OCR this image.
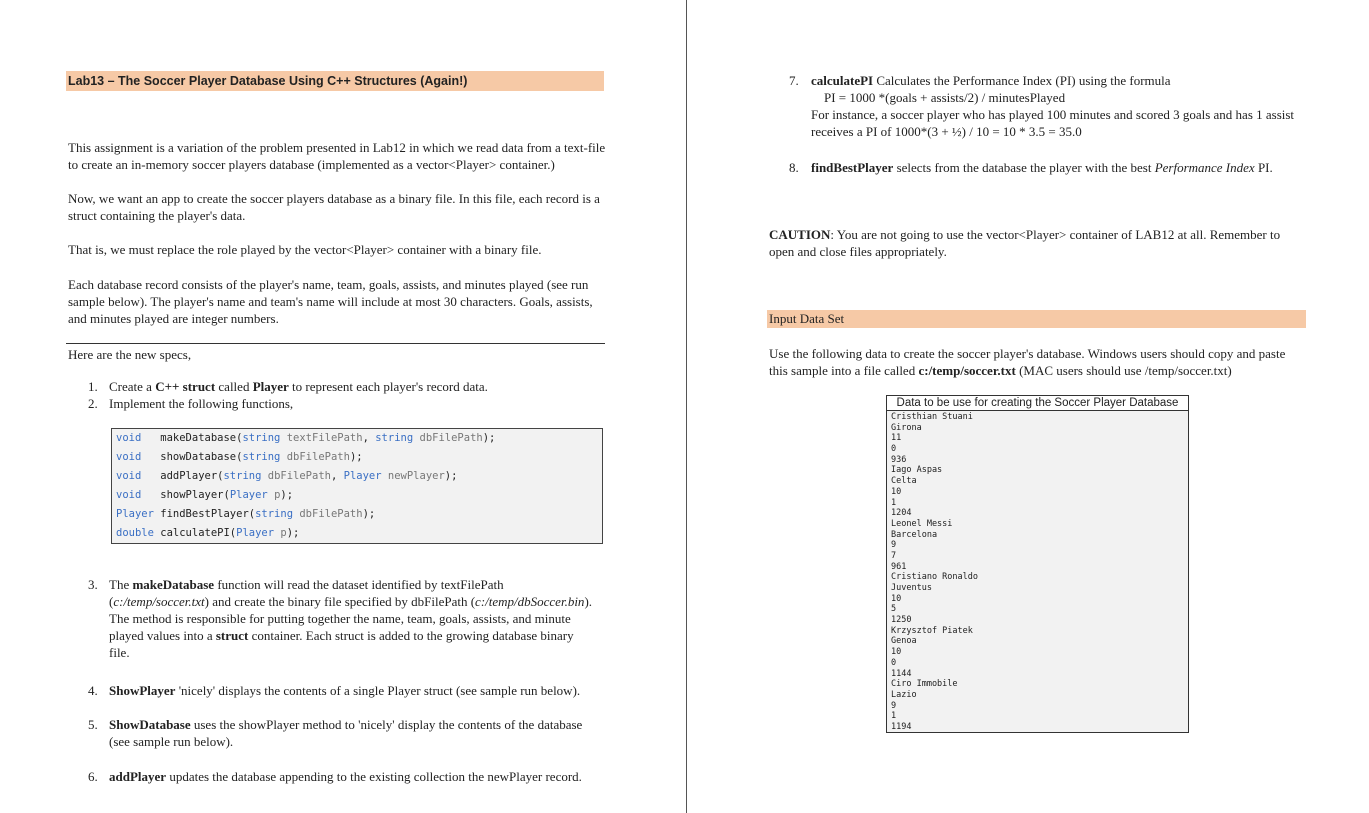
Lab13 – The Soccer Player Database Using C++ Structures (Again!)
This assignment is a variation of the problem presented in Lab12 in which we read data from a text-file to create an in-memory soccer players database (implemented as a vector<Player> container.)
Now, we want an app to create the soccer players database as a binary file. In this file, each record is a struct containing the player's data.
That is, we must replace the role played by the vector<Player> container with a binary file.
Each database record consists of the player's name, team, goals, assists, and minutes played (see run sample below). The player's name and team's name will include at most 30 characters. Goals, assists, and minutes played are integer numbers.
Here are the new specs,
1. Create a C++ struct called Player to represent each player's record data.
2. Implement the following functions,
void makeDatabase(string textFilePath, string dbFilePath);
void showDatabase(string dbFilePath);
void addPlayer(string dbFilePath, Player newPlayer);
void showPlayer(Player p);
Player findBestPlayer(string dbFilePath);
double calculatePI(Player p);
3. The makeDatabase function will read the dataset identified by textFilePath
(c:/temp/soccer.txt) and create the binary file specified by dbFilePath (c:/temp/dbSoccer.bin).
The method is responsible for putting together the name, team, goals, assists, and minute
played values into a struct container. Each struct is added to the growing database binary
file.
4. ShowPlayer 'nicely' displays the contents of a single Player struct (see sample run below).
5. ShowDatabase uses the showPlayer method to 'nicely' display the contents of the database
(see sample run below).
6. addPlayer updates the database appending to the existing collection the newPlayer record.
7. calculatePI Calculates the Performance Index (PI) using the formula
PI = 1000 *(goals + assists/2) / minutesPlayed
For instance, a soccer player who has played 100 minutes and scored 3 goals and has 1 assist
receives a PI of 1000*(3 + ½) / 10 = 10 * 3.5 = 35.0
8. findBestPlayer selects from the database the player with the best Performance Index PI.
CAUTION: You are not going to use the vector<Player> container of LAB12 at all. Remember to
open and close files appropriately.
Input Data Set
Use the following data to create the soccer player's database. Windows users should copy and paste
this sample into a file called c:/temp/soccer.txt (MAC users should use /temp/soccer.txt)
Data to be use for creating the Soccer Player Database
Cristhian Stuani
Girona
11
0
936
Iago Aspas
Celta
10
1
1204
Leonel Messi
Barcelona
9
7
961
Cristiano Ronaldo
Juventus
10
5
1250
Krzysztof Piatek
Genoa
10
0
1144
Ciro Immobile
Lazio
9
1
1194
